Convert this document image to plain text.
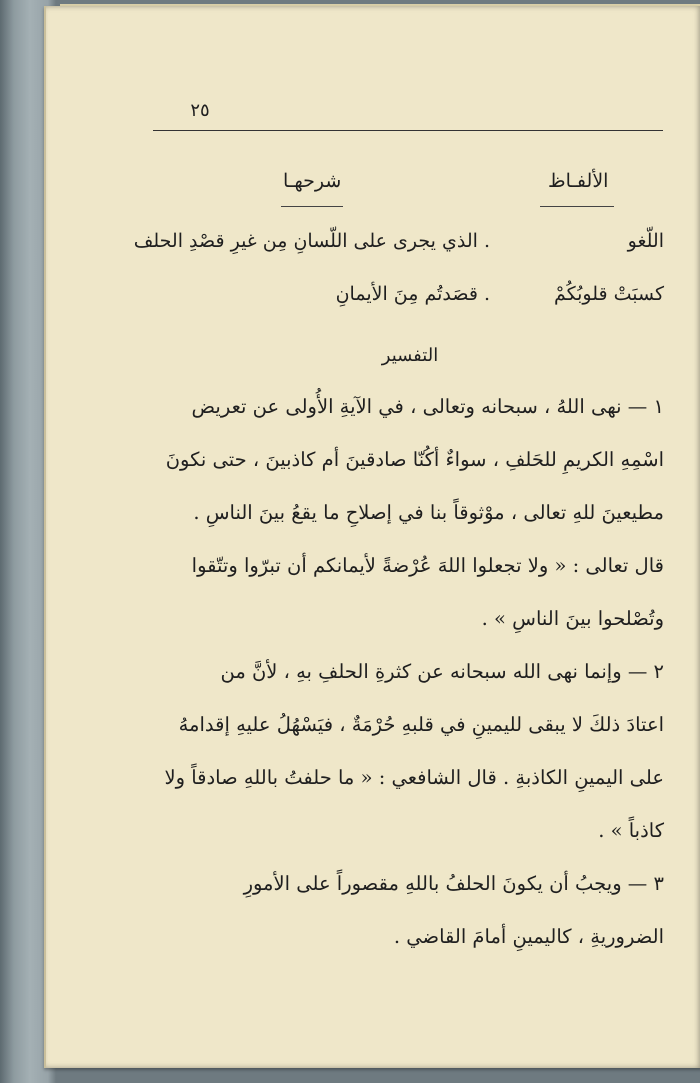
٢٥
الألفـاظ
شرحهـا
اللّغو
. الذي يجرى على اللّسانِ مِن غيرِ قصْدِ الحلف
كسبَتْ قلوبُكُمْ
. قصَدتُم مِنَ الأيمانِ
التفسير
١ — نهى اللهُ ، سبحانه وتعالى ، في الآيةِ الأُولى عن تعريض
اسْمِهِ الكريمِ للحَلفِ ، سواءٌ أكُنّا صادقينَ أم كاذبينَ ، حتى نكونَ
مطيعينَ للهِ تعالى ، موْثوقاً بنا في إصلاحِ ما يقعُ بينَ الناسِ .
قال تعالى : « ولا تجعلوا اللهَ عُرْضةً لأيمانكم أن تبرّوا وتتّقوا
وتُصْلحوا بينَ الناسِ » .
٢ — وإنما نهى الله سبحانه عن كثرةِ الحلفِ بهِ ، لأنَّ من
اعتادَ ذلكَ لا يبقى لليمينِ في قلبهِ حُرْمَةٌ ، فيَسْهُلُ عليهِ إقدامهُ
على اليمينِ الكاذبةِ . قال الشافعي : « ما حلفتُ باللهِ صادقاً ولا
كاذباً » .
٣ — ويجبُ أن يكونَ الحلفُ باللهِ مقصوراً على الأمورِ
الضروريةِ ، كاليمينِ أمامَ القاضي .
